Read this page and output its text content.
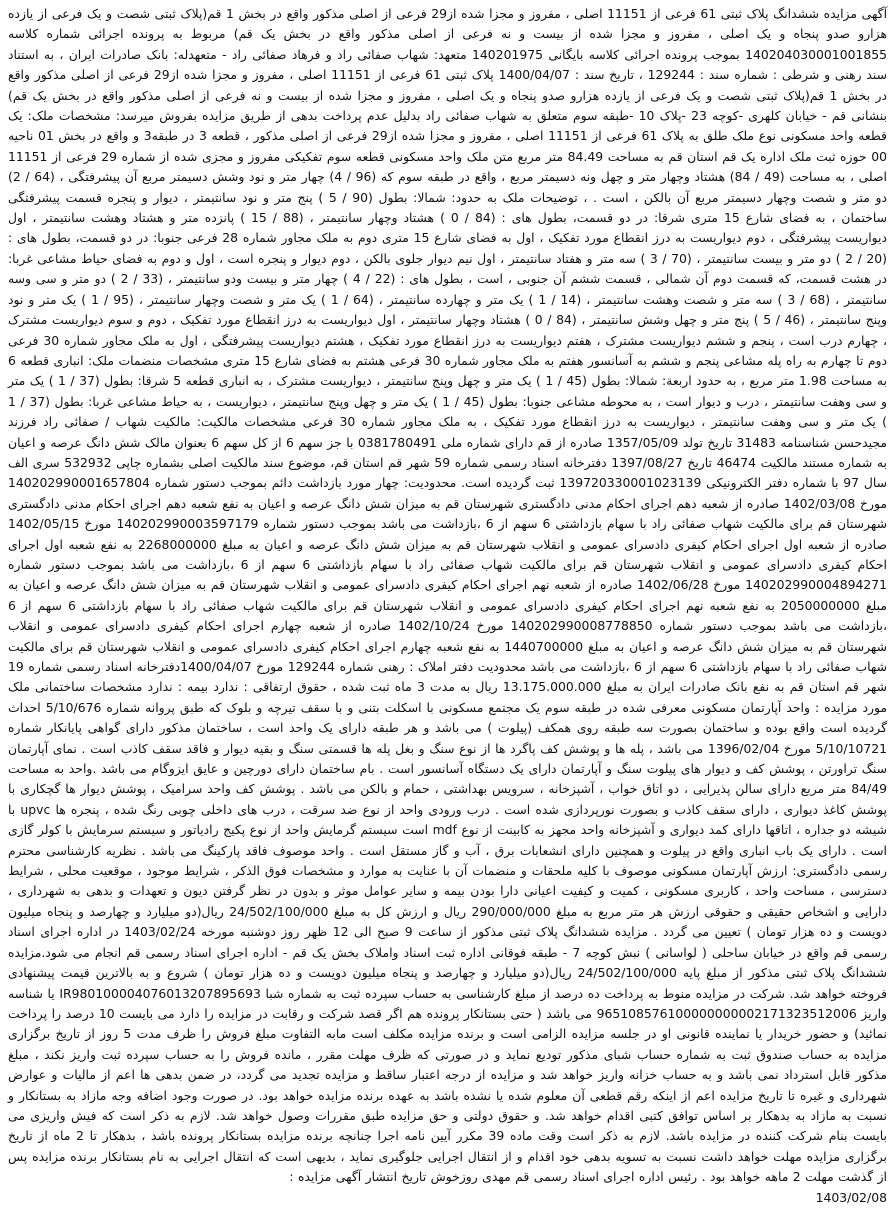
آگهی مزایده ششدانگ پلاک ثبتی 61 فرعی از 11151 اصلی ، مفروز و مجزا شده از29 فرعی از اصلی مذکور واقع در بخش 1 قم(پلاک ثبتی شصت و یک فرعی از یازده هزارو صدو پنجاه و یک اصلی ، مفروز و مجزا شده از بیست و نه فرعی از اصلی مذکور واقع در بخش یک قم) مربوط به پرونده اجرائی شماره کلاسه 140204030001001855 بموجب پرونده اجرائی کلاسه بایگانی 140201975 متعهد: شهاب صفائی راد و فرهاد صفائی راد - متعهدله: بانک صادرات ایران ، به استناد سند رهنی و شرطی : شماره سند : 129244 ، تاریخ سند : 1400/04/07 پلاک ثبتی 61 فرعی از 11151 اصلی ، مفروز و مجزا شده از29 فرعی از اصلی مذکور واقع در بخش 1 قم(پلاک ثبتی شصت و یک فرعی از یازده هزارو صدو پنجاه و یک اصلی ، مفروز و مجزا شده از بیست و نه فرعی از اصلی مذکور واقع در بخش یک قم) بنشانی قم - خیابان کلهری -کوچه 23 -پلاک 10 -طبقه سوم متعلق به شهاب صفائی راد بدلیل عدم پرداخت بدهی از طریق مزایده بفروش میرسد: مشخصات ملک: یک قطعه واحد مسکونی نوع ملک طلق به پلاک 61 فرعی از 11151 اصلی ، مفروز و مجزا شده از29 فرعی از اصلی مذکور ، قطعه 3 در طبقه3 و واقع در بخش 01 ناحیه 00 حوزه ثبت ملک اداره یک قم استان قم به مساحت 84.49 متر مربع متن ملک واحد مسکونی قطعه سوم تفکیکی مفروز و مجزی شده از شماره 29 فرعی از 11151 اصلی ، به مساحت (49 / 84) هشتاد وچهار متر و چهل ونه دسیمتر مربع ، واقع در طبقه سوم که (96 / 4) چهار متر و نود وشش دسیمتر مربع آن پیشرفتگی ، (64 / 2) دو متر و شصت وچهار دسیمتر مربع آن بالکن ، است . ، توضیحات ملک به حدود: شمالا: بطول (90 / 5 ) پنج متر و نود سانتیمتر ، دیوار و پنجره قسمت پیشرفتگی ساختمان ، به فضای شارع 15 متری شرقا: در دو قسمت، بطول های : (84 / 0 ) هشتاد وچهار سانتیمتر ، (88 / 15 ) پانزده متر و هشتاد وهشت سانتیمتر ، اول دیواریست پیشرفتگی ، دوم دیواریست به درز انقطاع مورد تفکیک ، اول به فضای شارع 15 متری دوم به ملک مجاور شماره 28 فرعی جنوبا: در دو قسمت، بطول های : (20 / 2 ) دو متر و بیست سانتیمتر ، (70 / 3 ) سه متر و هفتاد سانتیمتر ، اول نیم دیوار جلوی بالکن ، دوم دیوار و پنجره است ، اول و دوم به فضای حیاط مشاعی غربا: در هشت قسمت، که قسمت دوم آن شمالی ، قسمت ششم آن جنوبی ، است ، بطول های : (22 / 4 ) چهار متر و بیست ودو سانتیمتر ، (33 / 2 ) دو متر و سی وسه سانتیمتر ، (68 / 3 ) سه متر و شصت وهشت سانتیمتر ، (14 / 1 ) یک متر و چهارده سانتیمتر ، (64 / 1 ) یک متر و شصت وچهار سانتیمتر ، (95 / 1 ) یک متر و نود وپنج سانتیمتر ، (46 / 5 ) پنج متر و چهل وشش سانتیمتر ، (84 / 0 ) هشتاد وچهار سانتیمتر ، اول دیواریست به درز انقطاع مورد تفکیک ، دوم و سوم دیواریست مشترک ، چهارم درب است ، پنجم و ششم دیواریست مشترک ، هفتم دیواریست به درز انقطاع مورد تفکیک ، هشتم دیواریست پیشرفتگی ، اول به ملک مجاور شماره 30 فرعی دوم تا چهارم به راه پله مشاعی پنجم و ششم به آسانسور هفتم به ملک مجاور شماره 30 فرعی هشتم به فضای شارع 15 متری مشخصات منضمات ملک: انباری قطعه 6 به مساحت 1.98 متر مربع ، به حدود اربعة: شمالا: بطول (45 / 1 ) یک متر و چهل وپنج سانتیمتر ، دیواریست مشترک ، به انباری قطعه 5 شرقا: بطول (37 / 1 ) یک متر و سی وهفت سانتیمتر ، درب و دیوار است ، به محوطه مشاعی جنوبا: بطول (45 / 1 ) یک متر و چهل وپنج سانتیمتر ، دیواریست ، به حیاط مشاعی غربا: بطول (37 / 1 ) یک متر و سی وهفت سانتیمتر ، دیواریست به درز انقطاع مورد تفکیک ، به ملک مجاور شماره 30 فرعی مشخصات مالکیت: مالکیت شهاب / صفائی راد فرزند مجیدحسن شناسنامه 31483 تاریخ تولد 1357/05/09 صادره از قم دارای شماره ملی 0381780491 با جز سهم 6 از کل سهم 6 بعنوان مالک شش دانگ عرصه و اعیان به شماره مستند مالکیت 46474 تاریخ 1397/08/27 دفترخانه اسناد رسمی شماره 59 شهر قم استان قم، موضوع سند مالکیت اصلی بشماره چاپی 532932 سری الف سال 97 با شماره دفتر الکترونیکی 139720330001023139 ثبت گردیده است. محدودیت: چهار مورد بازداشت دائم بموجب دستور شماره 140202990001657804 مورخ 1402/03/08 صادره از شعبه دهم اجرای احکام مدنی دادگستری شهرستان قم به میزان شش دانگ عرصه و اعیان به نفع شعبه دهم اجرای احکام مدنی دادگستری شهرستان قم برای مالکیت شهاب صفائی راد با سهام بازداشتی 6 سهم از 6 ،بازداشت می باشد بموجب دستور شماره 140202990003597179 مورخ 1402/05/15 صادره از شعبه اول اجرای احکام کیفری دادسرای عمومی و انقلاب شهرستان قم به میزان شش دانگ عرصه و اعیان به مبلغ 2268000000 به نفع شعبه اول اجرای احکام کیفری دادسرای عمومی و انقلاب شهرستان قم برای مالکیت شهاب صفائی راد با سهام بازداشتی 6 سهم از 6 ،بازداشت می باشد بموجب دستور شماره 140202990004894271 مورخ 1402/06/28 صادره از شعبه نهم اجرای احکام کیفری دادسرای عمومی و انقلاب شهرستان قم به میزان شش دانگ عرصه و اعیان به مبلغ 2050000000 به نفع شعبه نهم اجرای احکام کیفری دادسرای عمومی و انقلاب شهرستان قم برای مالکیت شهاب صفائی راد با سهام بازداشتی 6 سهم از 6 ،بازداشت می باشد بموجب دستور شماره 140202990008778850 مورخ 1402/10/24 صادره از شعبه چهارم اجرای احکام کیفری دادسرای عمومی و انقلاب شهرستان قم به میزان شش دانگ عرصه و اعیان به مبلغ 1440700000 به نفع شعبه چهارم اجرای احکام کیفری دادسرای عمومی و انقلاب شهرستان قم برای مالکیت شهاب صفائی راد با سهام بازداشتی 6 سهم از 6 ،بازداشت می باشد محدودیت دفتر املاک : رهنی شماره 129244 مورخ 1400/04/07دفترخانه اسناد رسمی شماره 19 شهر قم استان قم به نفع بانک صادرات ایران به مبلغ 13.175.000.000 ریال به مدت 3 ماه ثبت شده ، حقوق ارتفاقی : ندارد بیمه : ندارد مشخصات ساختمانی ملک مورد مزایده : واحد آپارتمان مسکونی معرفی شده در طبقه سوم یک مجتمع مسکونی با اسکلت بتنی و با سقف تیرچه و بلوک که طبق پروانه شماره 5/10/676 احداث گردیده است واقع بوده و ساختمان بصورت سه طبقه روی همکف (پیلوت ) می باشد و هر طبقه دارای یک واحد است ، ساختمان مذکور دارای گواهی پایانکار شماره 5/10/10721 مورخ 1396/02/04 می باشد ، پله ها و پوشش کف پاگرد ها از نوع سنگ و بغل پله ها قسمتی سنگ و بقیه دیوار و فاقد سقف کاذب است . نمای آپارتمان سنگ تراورتن ، پوشش کف و دیوار های پیلوت سنگ و آپارتمان دارای یک دستگاه آسانسور است . بام ساختمان دارای دورچین و عایق ایزوگام می باشد .واحد به مساحت 84/49 متر مربع دارای سالن پذیرایی ، دو اتاق خواب ، آشپزخانه ، سرویس بهداشتی ، حمام و بالکن می باشد . پوشش کف واحد سرامیک ، پوشش دیوار ها گچکاری با پوشش کاغذ دیواری ، دارای سقف کاذب و بصورت نورپردازی شده است . درب ورودی واحد از نوع ضد سرقت ، درب های داخلی چوبی رنگ شده ، پنجره ها upvc با شیشه دو جداره ، اتاقها دارای کمد دیواری و آشپزخانه واحد مجهز به کابینت از نوع mdf است سیستم گرمایش واحد از نوع پکیج رادیاتور و سیستم سرمایش با کولر گازی است . دارای یک باب انباری واقع در پیلوت و همچنین دارای انشعابات برق ، آب و گاز مستقل است . واحد موصوف فاقد پارکینگ می باشد . نظریه کارشناسی محترم رسمی دادگستری: ارزش آپارتمان مسکونی موصوف با کلیه ملحقات و منضمات آن با عنایت به موارد و مشخصات فوق الذکر ، شرایط موجود ، موقعیت محلی ، شرایط دسترسی ، مساحت واحد ، کاربری مسکونی ، کمیت و کیفیت اعیانی دارا بودن بیمه و سایر عوامل موثر و بدون در نظر گرفتن دیون و تعهدات و بدهی به شهرداری ، دارایی و اشخاص حقیقی و حقوقی ارزش هر متر مربع به مبلغ 290/000/000 ریال و ارزش کل به مبلغ 24/502/100/000 ریال(دو میلیارد و چهارصد و پنجاه میلیون دویست و ده هزار تومان ) تعیین می گردد . مزایده ششدانگ پلاک ثبتی مذکور از ساعت 9 صبح الی 12 ظهر روز دوشنبه مورخه 1403/02/24 در اداره اجرای اسناد رسمی قم واقع در خیابان ساحلی ( لواسانی ) نبش کوچه 7 - طبقه فوقانی اداره ثبت اسناد واملاک بخش یک قم - اداره اجرای اسناد رسمی قم انجام می شود.مزایده ششدانگ پلاک ثبتی مذکور از مبلغ پایه 24/502/100/000 ریال(دو میلیارد و چهارصد و پنجاه میلیون دویست و ده هزار تومان ) شروع و به بالاترین قیمت پیشنهادی فروخته خواهد شد. شرکت در مزایده منوط به پرداخت ده درصد از مبلغ کارشناسی به حساب سپرده ثبت به شماره شبا IR980100004076013207895693 یا شناسه واریز 965108576100000000002171323512006 می باشد ( حتی بستانکار پرونده هم اگر قصد شرکت و رقابت در مزایده را دارد می بایست 10 درصد را پرداخت نمائید) و حضور خریدار یا نماینده قانونی او در جلسه مزایده الزامی است و برنده مزایده مکلف است مابه التفاوت مبلغ فروش را ظرف مدت 5 روز از تاریخ برگزاری مزایده به حساب صندوق ثبت به شماره حساب شبای مذکور تودیع نماید و در صورتی که ظرف مهلت مقرر ، مانده فروش را به حساب سپرده ثبت واریز نکند ، مبلغ مذکور قابل استرداد نمی باشد و به حساب خزانه واریز خواهد شد و مزایده از درجه اعتبار ساقط و مزایده تجدید می گردد، در ضمن بدهی ها اعم از مالیات و عوارض شهرداری و غیره تا تاریخ مزایده اعم از اینکه رقم قطعی آن معلوم شده یا نشده باشد به عهده برنده مزایده خواهد بود. در صورت وجود اضافه وجه مازاد به بستانکار و نسبت به مازاد به بدهکار بر اساس توافق کتبی اقدام خواهد شد. و حقوق دولتی و حق مزایده طبق مقررات وصول خواهد شد. لازم به ذکر است که فیش واریزی می بایست بنام شرکت کننده در مزایده باشد. لازم به ذکر است وقت ماده 39 مکرر آیین نامه اجرا چنانچه برنده مزایده بستانکار پرونده باشد ، بدهکار تا 2 ماه از تاریخ برگزاری مزایده مهلت خواهد داشت نسبت به تسویه بدهی خود اقدام و از انتقال اجرایی جلوگیری نماید ، بدیهی است که انتقال اجرایی به نام بستانکار برنده مزایده پس از گذشت مهلت 2 ماهه خواهد بود . رئیس اداره اجرای اسناد رسمی قم مهدی روزخوش تاریخ انتشار آگهی مزایده :

1403/02/08
